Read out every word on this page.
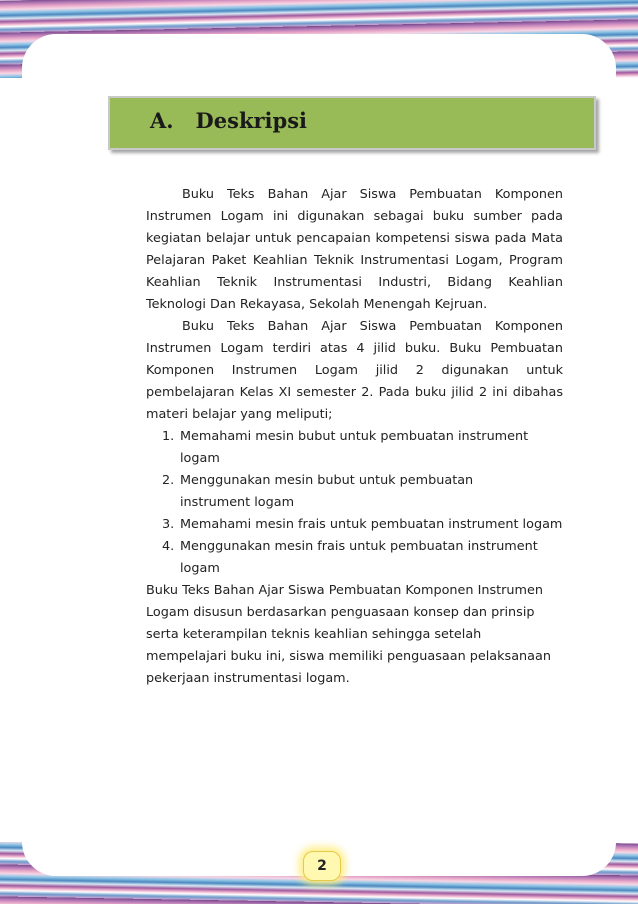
A. Deskripsi

Buku Teks Bahan Ajar Siswa Pembuatan Komponen Instrumen Logam ini digunakan sebagai buku sumber pada kegiatan belajar untuk pencapaian kompetensi siswa pada Mata Pelajaran Paket Keahlian Teknik Instrumentasi Logam, Program Keahlian Teknik Instrumentasi Industri, Bidang Keahlian Teknologi Dan Rekayasa, Sekolah Menengah Kejruan.

Buku Teks Bahan Ajar Siswa Pembuatan Komponen Instrumen Logam terdiri atas 4 jilid buku. Buku Pembuatan Komponen Instrumen Logam jilid 2 digunakan untuk pembelajaran Kelas XI semester 2. Pada buku jilid 2 ini dibahas materi belajar yang meliputi;

1. Memahami mesin bubut untuk pembuatan instrument logam
2. Menggunakan mesin bubut untuk pembuatan instrument logam
3. Memahami mesin frais untuk pembuatan instrument logam
4. Menggunakan mesin frais untuk pembuatan instrument logam

Buku Teks Bahan Ajar Siswa Pembuatan Komponen Instrumen Logam disusun berdasarkan penguasaan konsep dan prinsip serta keterampilan teknis keahlian sehingga setelah mempelajari buku ini, siswa memiliki penguasaan pelaksanaan pekerjaan instrumentasi logam.

2
